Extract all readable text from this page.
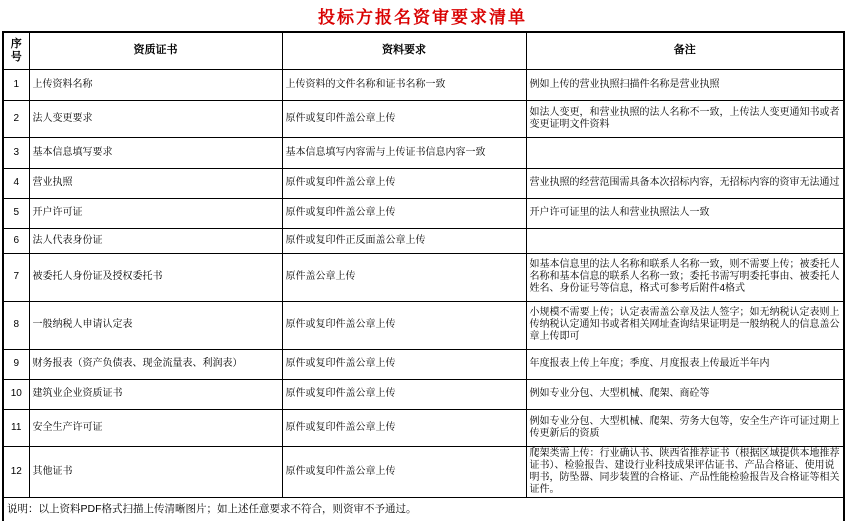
投标方报名资审要求清单
序号	资质证书	资料要求	备注
1	上传资料名称	上传资料的文件名称和证书名称一致	例如上传的营业执照扫描件名称是营业执照
2	法人变更要求	原件或复印件盖公章上传	如法人变更，和营业执照的法人名称不一致，上传法人变更通知书或者变更证明文件资料
3	基本信息填写要求	基本信息填写内容需与上传证书信息内容一致	
4	营业执照	原件或复印件盖公章上传	营业执照的经营范围需具备本次招标内容，无招标内容的资审无法通过
5	开户许可证	原件或复印件盖公章上传	开户许可证里的法人和营业执照法人一致
6	法人代表身份证	原件或复印件正反面盖公章上传	
7	被委托人身份证及授权委托书	原件盖公章上传	如基本信息里的法人名称和联系人名称一致，则不需要上传；被委托人名称和基本信息的联系人名称一致；委托书需写明委托事由、被委托人姓名、身份证号等信息，格式可参考后附件4格式
8	一般纳税人申请认定表	原件或复印件盖公章上传	小规模不需要上传；认定表需盖公章及法人签字；如无纳税认定表则上传纳税认定通知书或者相关网址查询结果证明是一般纳税人的信息盖公章上传即可
9	财务报表（资产负债表、现金流量表、利润表）	原件或复印件盖公章上传	年度报表上传上年度；季度、月度报表上传最近半年内
10	建筑业企业资质证书	原件或复印件盖公章上传	例如专业分包、大型机械、爬架、商砼等
11	安全生产许可证	原件或复印件盖公章上传	例如专业分包、大型机械、爬架、劳务大包等，安全生产许可证过期上传更新后的资质
12	其他证书	原件或复印件盖公章上传	爬架类需上传：行业确认书、陕西省推荐证书（根据区域提供本地推荐证书）、检验报告、建设行业科技成果评估证书、产品合格证、使用说明书，防坠器、同步装置的合格证、产品性能检验报告及合格证等相关证件。
说明：以上资料PDF格式扫描上传清晰图片；如上述任意要求不符合，则资审不予通过。			
